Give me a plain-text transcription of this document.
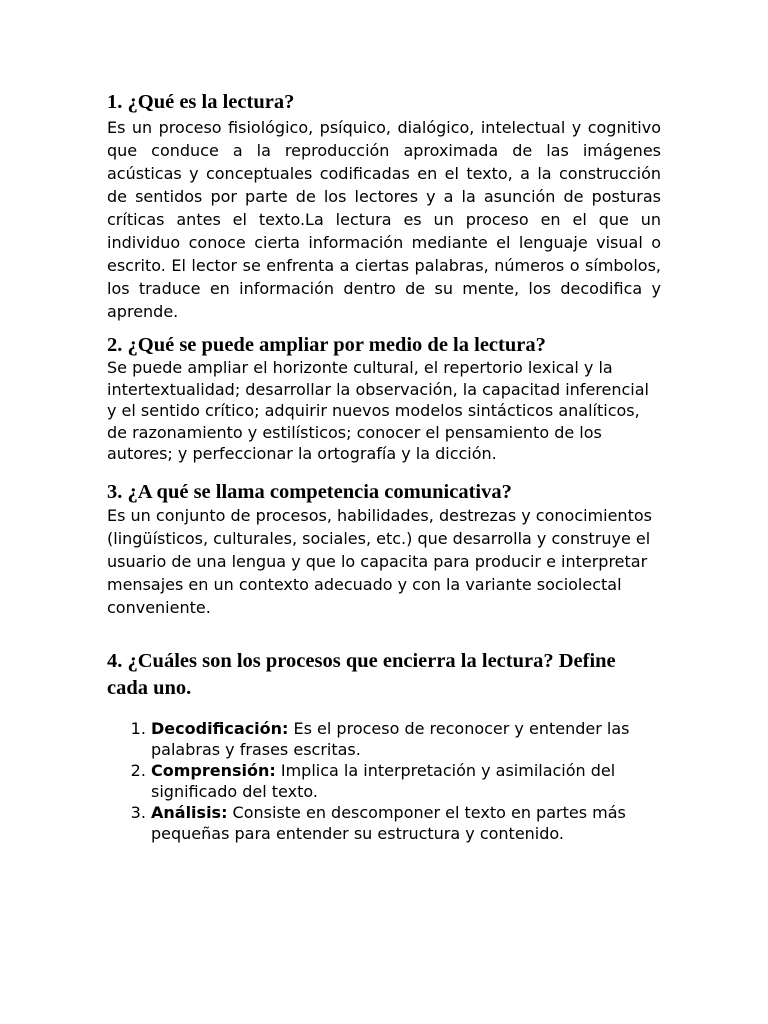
1. ¿Qué es la lectura?

Es un proceso fisiológico, psíquico, dialógico, intelectual y cognitivo que conduce a la reproducción aproximada de las imágenes acústicas y conceptuales codificadas en el texto, a la construcción de sentidos por parte de los lectores y a la asunción de posturas críticas antes el texto.La lectura es un proceso en el que un individuo conoce cierta información mediante el lenguaje visual o escrito. El lector se enfrenta a ciertas palabras, números o símbolos, los traduce en información dentro de su mente, los decodifica y aprende.

2. ¿Qué se puede ampliar por medio de la lectura?

Se puede ampliar el horizonte cultural, el repertorio lexical y la intertextualidad; desarrollar la observación, la capacitad inferencial y el sentido crítico; adquirir nuevos modelos sintácticos analíticos, de razonamiento y estilísticos; conocer el pensamiento de los autores; y perfeccionar la ortografía y la dicción.

3. ¿A qué se llama competencia comunicativa?

Es un conjunto de procesos, habilidades, destrezas y conocimientos (lingüísticos, culturales, sociales, etc.) que desarrolla y construye el usuario de una lengua y que lo capacita para producir e interpretar mensajes en un contexto adecuado y con la variante sociolectal conveniente.

4. ¿Cuáles son los procesos que encierra la lectura? Define cada uno.
1. Decodificación: Es el proceso de reconocer y entender las palabras y frases escritas.
2. Comprensión: Implica la interpretación y asimilación del significado del texto.
3. Análisis: Consiste en descomponer el texto en partes más pequeñas para entender su estructura y contenido.
